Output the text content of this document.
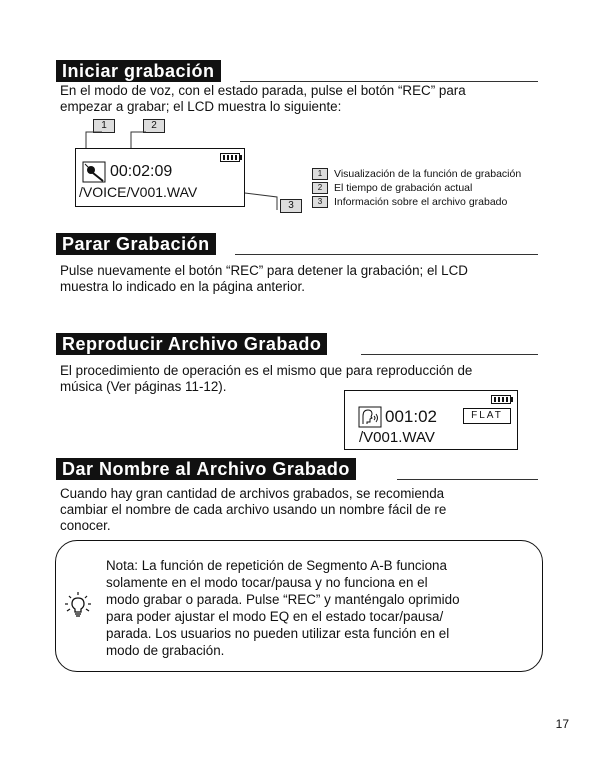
Iniciar grabación
En el modo de voz, con el estado parada, pulse el botón “REC” para
empezar a grabar; el LCD muestra lo siguiente:
1	2
00:02:09
/VOICE/V001.WAV
3
1	Visualización de la función de grabación
2	El tiempo de grabación actual
3	Información sobre el archivo grabado
Parar Grabación
Pulse nuevamente el botón “REC” para detener la grabación; el LCD
muestra lo indicado en la página anterior.
Reproducir Archivo Grabado
El procedimiento de operación es el mismo que para reproducción de
música (Ver páginas 11-12).
001:02	FLAT
/V001.WAV
Dar Nombre al Archivo Grabado
Cuando hay gran cantidad de archivos grabados, se recomienda
cambiar el nombre de cada archivo usando un nombre fácil de re
conocer.
Nota: La función de repetición de Segmento A-B funciona
solamente en el modo tocar/pausa y no funciona en el
modo grabar o parada. Pulse “REC” y manténgalo oprimido
para poder ajustar el modo EQ en el estado tocar/pausa/
parada. Los usuarios no pueden utilizar esta función en el
modo de grabación.
17
